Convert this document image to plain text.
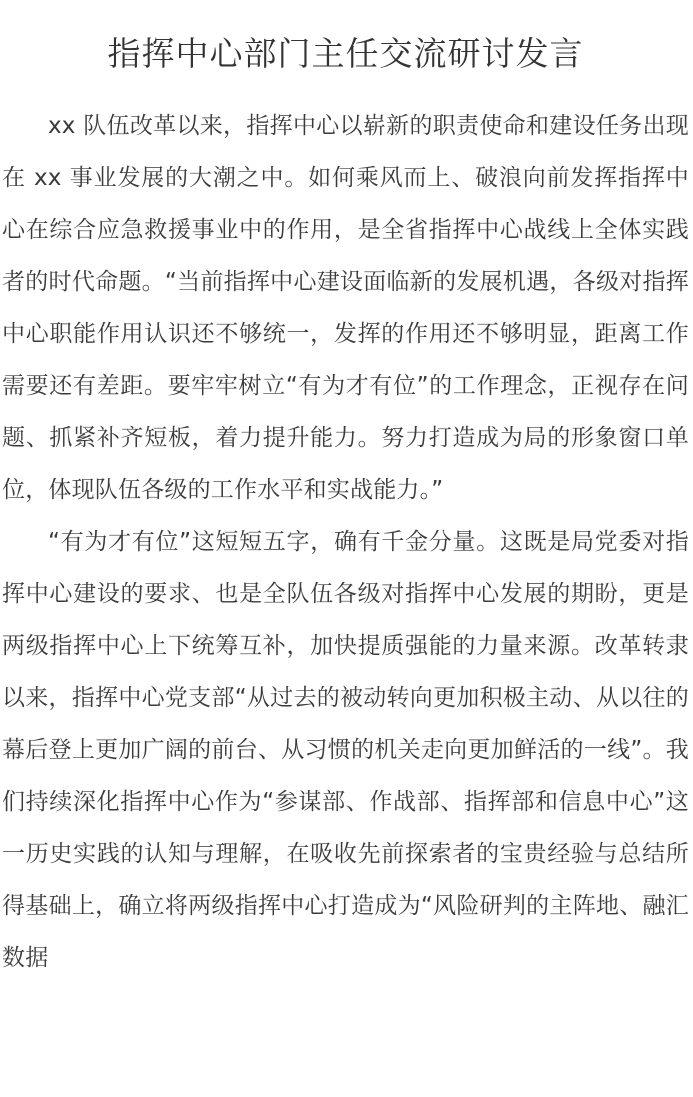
指挥中心部门主任交流研讨发言

xx 队伍改革以来，指挥中心以崭新的职责使命和建设任务出现在 xx 事业发展的大潮之中。如何乘风而上、破浪向前发挥指挥中心在综合应急救援事业中的作用，是全省指挥中心战线上全体实践者的时代命题。“当前指挥中心建设面临新的发展机遇，各级对指挥中心职能作用认识还不够统一，发挥的作用还不够明显，距离工作需要还有差距。要牢牢树立“有为才有位”的工作理念，正视存在问题、抓紧补齐短板，着力提升能力。努力打造成为局的形象窗口单位，体现队伍各级的工作水平和实战能力。”

“有为才有位”这短短五字，确有千金分量。这既是局党委对指挥中心建设的要求、也是全队伍各级对指挥中心发展的期盼，更是两级指挥中心上下统筹互补，加快提质强能的力量来源。改革转隶以来，指挥中心党支部“从过去的被动转向更加积极主动、从以往的幕后登上更加广阔的前台、从习惯的机关走向更加鲜活的一线”。我们持续深化指挥中心作为“参谋部、作战部、指挥部和信息中心”这一历史实践的认知与理解，在吸收先前探索者的宝贵经验与总结所得基础上，确立将两级指挥中心打造成为“风险研判的主阵地、融汇数据
